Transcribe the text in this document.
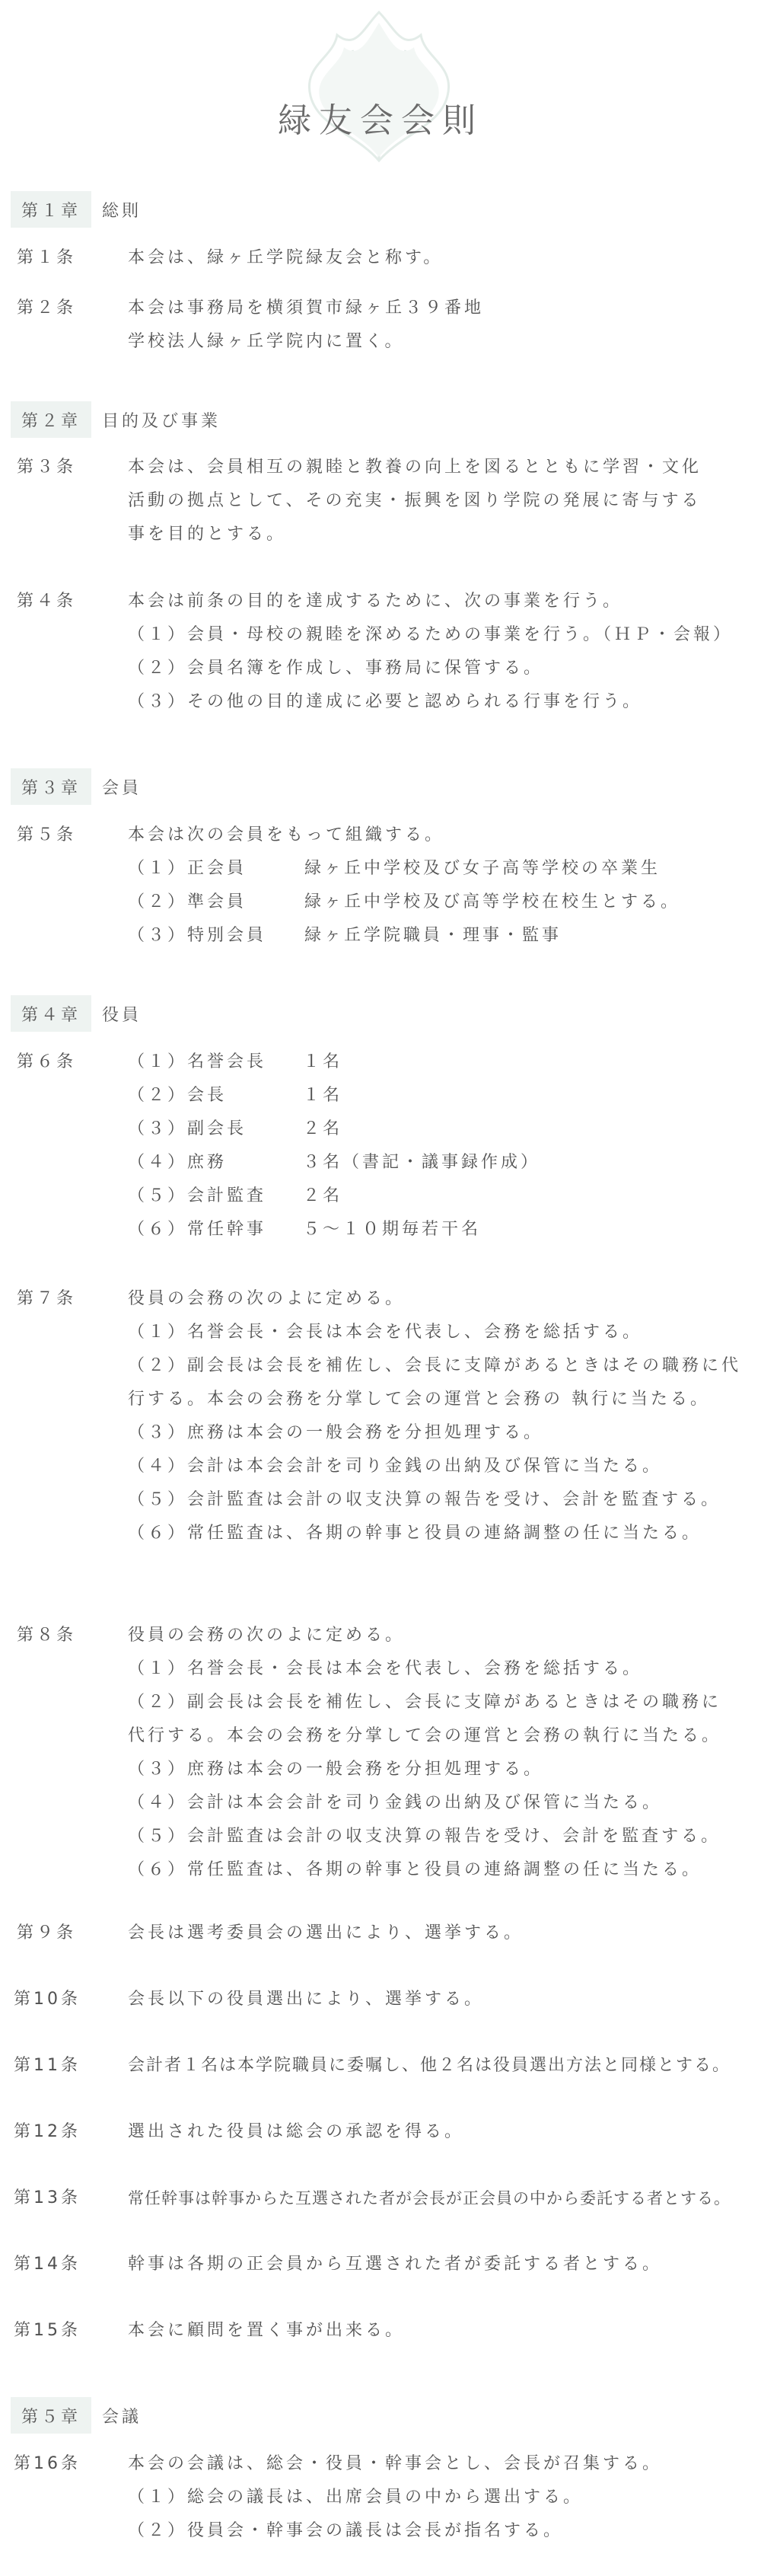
緑友会会則
第１章	総則
第１条	本会は、緑ヶ丘学院緑友会と称す。
第２条	本会は事務局を横須賀市緑ヶ丘３９番地
学校法人緑ヶ丘学院内に置く。
第２章	目的及び事業
第３条	本会は、会員相互の親睦と教養の向上を図るとともに学習・文化
活動の拠点として、その充実・振興を図り学院の発展に寄与する
事を目的とする。
第４条	本会は前条の目的を達成するために、次の事業を行う。
（１）会員・母校の親睦を深めるための事業を行う。（ＨＰ・会報）
（２）会員名簿を作成し、事務局に保管する。
（３）その他の目的達成に必要と認められる行事を行う。
第３章	会員
第５条	本会は次の会員をもって組織する。
（１）正会員	緑ヶ丘中学校及び女子高等学校の卒業生
（２）準会員	緑ヶ丘中学校及び高等学校在校生とする。
（３）特別会員	緑ヶ丘学院職員・理事・監事
第４章	役員
第６条	（１）名誉会長	１名
（２）会長	１名
（３）副会長	２名
（４）庶務	３名（書記・議事録作成）
（５）会計監査	２名
（６）常任幹事	５～１０期毎若干名
第７条	役員の会務の次のよに定める。
（１）名誉会長・会長は本会を代表し、会務を総括する。
（２）副会長は会長を補佐し、会長に支障があるときはその職務に代
行する。本会の会務を分掌して会の運営と会務の 執行に当たる。
（３）庶務は本会の一般会務を分担処理する。
（４）会計は本会会計を司り金銭の出納及び保管に当たる。
（５）会計監査は会計の収支決算の報告を受け、会計を監査する。
（６）常任監査は、各期の幹事と役員の連絡調整の任に当たる。
第８条	役員の会務の次のよに定める。
（１）名誉会長・会長は本会を代表し、会務を総括する。
（２）副会長は会長を補佐し、会長に支障があるときはその職務に
代行する。本会の会務を分掌して会の運営と会務の執行に当たる。
（３）庶務は本会の一般会務を分担処理する。
（４）会計は本会会計を司り金銭の出納及び保管に当たる。
（５）会計監査は会計の収支決算の報告を受け、会計を監査する。
（６）常任監査は、各期の幹事と役員の連絡調整の任に当たる。
第９条	会長は選考委員会の選出により、選挙する。
第10条	会長以下の役員選出により、選挙する。
第11条	会計者１名は本学院職員に委嘱し、他２名は役員選出方法と同様とする。
第12条	選出された役員は総会の承認を得る。
第13条	常任幹事は幹事からた互選された者が会長が正会員の中から委託する者とする。
第14条	幹事は各期の正会員から互選された者が委託する者とする。
第15条	本会に顧問を置く事が出来る。
第５章	会議
第16条	本会の会議は、総会・役員・幹事会とし、会長が召集する。
（１）総会の議長は、出席会員の中から選出する。
（２）役員会・幹事会の議長は会長が指名する。
